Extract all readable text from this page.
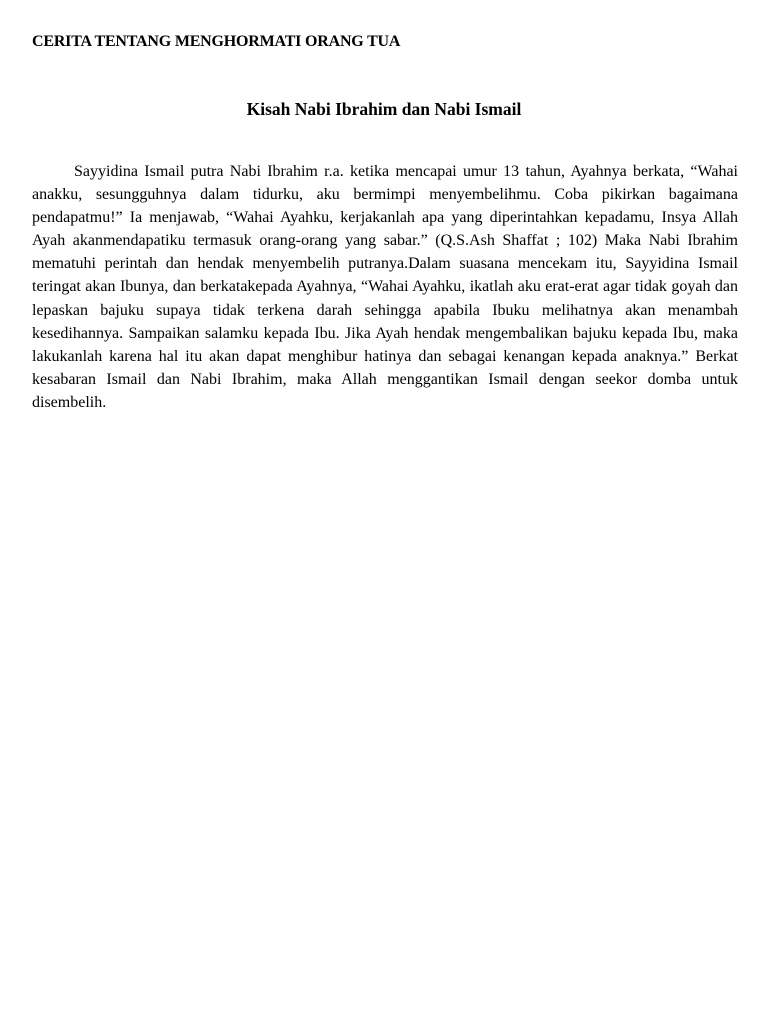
CERITA TENTANG MENGHORMATI ORANG TUA
Kisah Nabi Ibrahim dan Nabi Ismail

Sayyidina Ismail putra Nabi Ibrahim r.a. ketika mencapai umur 13 tahun, Ayahnya berkata, “Wahai anakku, sesungguhnya dalam tidurku, aku bermimpi menyembelihmu. Coba pikirkan bagaimana pendapatmu!” Ia menjawab, “Wahai Ayahku, kerjakanlah apa yang diperintahkan kepadamu, Insya Allah Ayah akanmendapatiku termasuk orang-orang yang sabar.” (Q.S.Ash Shaffat ; 102) Maka Nabi Ibrahim mematuhi perintah dan hendak menyembelih putranya.Dalam suasana mencekam itu, Sayyidina Ismail teringat akan Ibunya, dan berkatakepada Ayahnya, “Wahai Ayahku, ikatlah aku erat-erat agar tidak goyah dan lepaskan bajuku supaya tidak terkena darah sehingga apabila Ibuku melihatnya akan menambah kesedihannya. Sampaikan salamku kepada Ibu. Jika Ayah hendak mengembalikan bajuku kepada Ibu, maka lakukanlah karena hal itu akan dapat menghibur hatinya dan sebagai kenangan kepada anaknya.” Berkat kesabaran Ismail dan Nabi Ibrahim, maka Allah menggantikan Ismail dengan seekor domba untuk disembelih.
